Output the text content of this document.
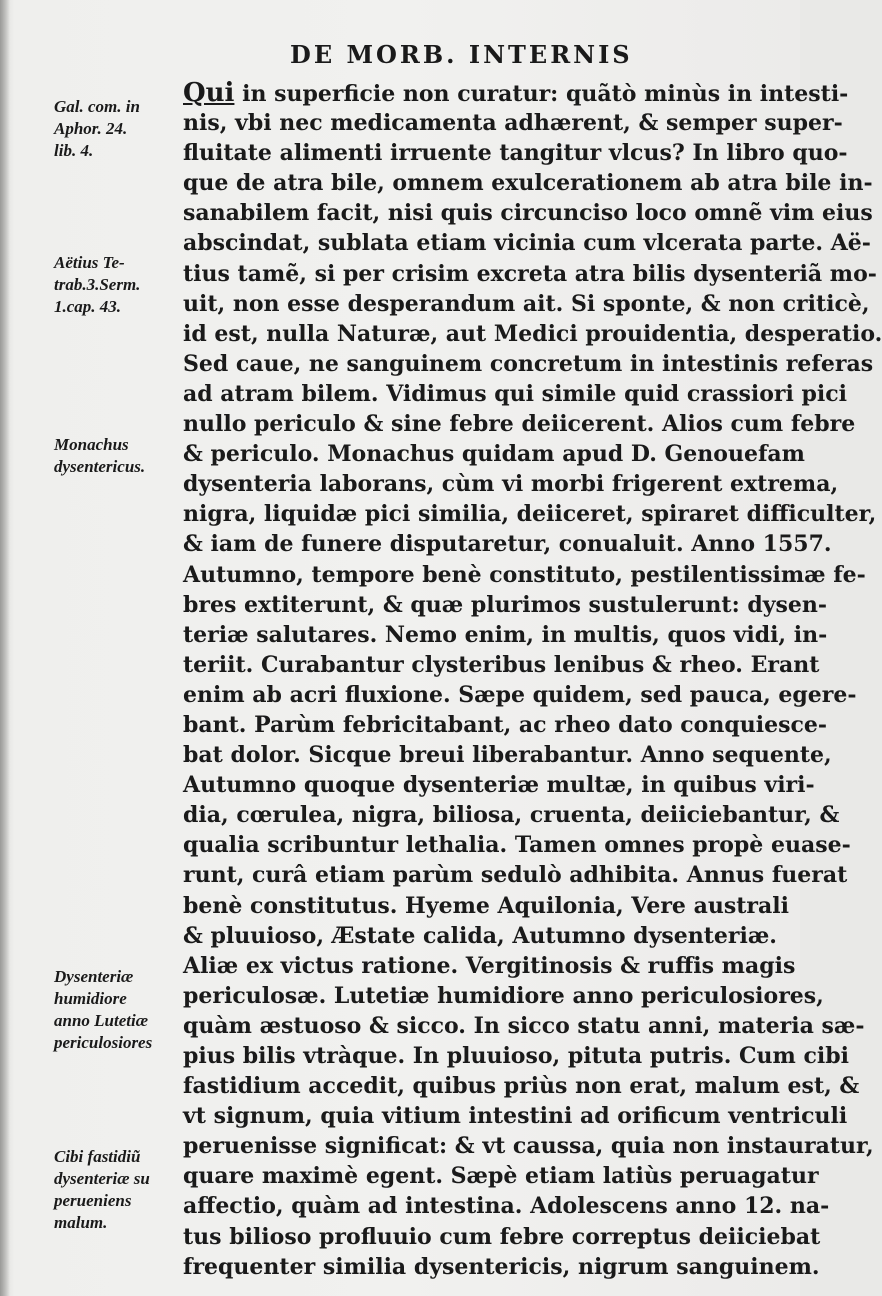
DE MORB. INTERNIS
Gal. com. in
Aphor. 24.
lib. 4.
Aëtius Te-
trab.3.Serm.
1.cap. 43.
Monachus
dysentericus.
Dysenteriæ
humidiore
anno Lutetiæ
periculosiores
Cibi fastidiũ
dysenteriæ su
perueniens
malum.
Qui in superficie non curatur: quãtò minùs in intesti-
nis, vbi nec medicamenta adhærent, & semper super-
fluitate alimenti irruente tangitur vlcus? In libro quo-
que de atra bile, omnem exulcerationem ab atra bile in-
sanabilem facit, nisi quis circunciso loco omnẽ vim eius
abscindat, sublata etiam vicinia cum vlcerata parte. Aë-
tius tamẽ, si per crisim excreta atra bilis dysenteriã mo-
uit, non esse desperandum ait. Si sponte, & non criticè,
id est, nulla Naturæ, aut Medici prouidentia, desperatio.
Sed caue, ne sanguinem concretum in intestinis referas
ad atram bilem. Vidimus qui simile quid crassiori pici
nullo periculo & sine febre deiicerent. Alios cum febre
& periculo. Monachus quidam apud D. Genouefam
dysenteria laborans, cùm vi morbi frigerent extrema,
nigra, liquidæ pici similia, deiiceret, spiraret difficulter,
& iam de funere disputaretur, conualuit. Anno 1557.
Autumno, tempore benè constituto, pestilentissimæ fe-
bres extiterunt, & quæ plurimos sustulerunt: dysen-
teriæ salutares. Nemo enim, in multis, quos vidi, in-
teriit. Curabantur clysteribus lenibus & rheo. Erant
enim ab acri fluxione. Sæpe quidem, sed pauca, egere-
bant. Parùm febricitabant, ac rheo dato conquiesce-
bat dolor. Sicque breui liberabantur. Anno sequente,
Autumno quoque dysenteriæ multæ, in quibus viri-
dia, cœrulea, nigra, biliosa, cruenta, deiiciebantur, &
qualia scribuntur lethalia. Tamen omnes propè euase-
runt, curâ etiam parùm sedulò adhibita. Annus fuerat
benè constitutus. Hyeme Aquilonia, Vere australi
& pluuioso, Æstate calida, Autumno dysenteriæ.
Aliæ ex victus ratione. Vergitinosis & ruffis magis
periculosæ. Lutetiæ humidiore anno periculosiores,
quàm æstuoso & sicco. In sicco statu anni, materia sæ-
pius bilis vtràque. In pluuioso, pituta putris. Cum cibi
fastidium accedit, quibus priùs non erat, malum est, &
vt signum, quia vitium intestini ad orificum ventriculi
peruenisse significat: & vt caussa, quia non instauratur,
quare maximè egent. Sæpè etiam latiùs peruagatur
affectio, quàm ad intestina. Adolescens anno 12. na-
tus bilioso profluuio cum febre correptus deiiciebat
frequenter similia dysentericis, nigrum sanguinem.
